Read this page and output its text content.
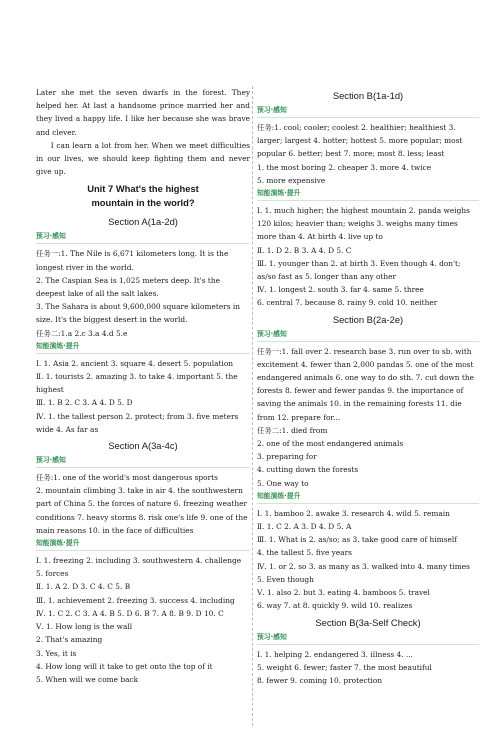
Later she met the seven dwarfs in the forest. They helped her. At last a handsome prince married her and they lived a happy life. I like her because she was brave and clever.

I can learn a lot from her. When we meet difficulties in our lives, we should keep fighting them and never give up.

Unit 7 What's the highest
mountain in the world?
Section A(1a-2d)
预习·感知
任务一:1. The Nile is 6,671 kilometers long. It is the longest river in the world.
2. The Caspian Sea is 1,025 meters deep. It's the deepest lake of all the salt lakes.
3. The Sahara is about 9,600,000 square kilometers in size. It's the biggest desert in the world.
任务二:1.a 2.c 3.a 4.d 5.e
知能演练·提升
Ⅰ. 1. Asia 2. ancient 3. square 4. desert 5. population
Ⅱ. 1. tourists 2. amazing 3. to take 4. important 5. the highest
Ⅲ. 1. B 2. C 3. A 4. D 5. D
Ⅳ. 1. the tallest person 2. protect; from 3. five meters wide 4. As far as
Section A(3a-4c)
预习·感知
任务:1. one of the world's most dangerous sports
2. mountain climbing 3. take in air 4. the southwestern part of China 5. the forces of nature 6. freezing weather conditions 7. heavy storms 8. risk one's life 9. one of the main reasons 10. in the face of difficulties
知能演练·提升
Ⅰ. 1. freezing 2. including 3. southwestern 4. challenge 5. forces
Ⅱ. 1. A 2. D 3. C 4. C 5. B
Ⅲ. 1. achievement 2. freezing 3. success 4. including
Ⅳ. 1. C 2. C 3. A 4. B 5. D 6. B 7. A 8. B 9. D 10. C
Ⅴ. 1. How long is the wall
2. That's amazing
3. Yes, it is
4. How long will it take to get onto the top of it
5. When will we come back
Section B(1a-1d)
预习·感知
任务:1. cool; cooler; coolest 2. healthier; healthiest 3. larger; largest 4. hotter; hottest 5. more popular; most popular 6. better; best 7. more; most 8. less; least
1. the most boring 2. cheaper 3. more 4. twice
5. more expensive
知能演练·提升
Ⅰ. 1. much higher; the highest mountain 2. panda weighs 120 kilos; heavier than; weighs 3. weighs many times more than 4. At birth 4. live up to
Ⅱ. 1. D 2. B 3. A 4. D 5. C
Ⅲ. 1. younger than 2. at birth 3. Even though 4. don't; as/so fast as 5. longer than any other
Ⅳ. 1. longest 2. south 3. far 4. same 5. three
6. central 7. because 8. rainy 9. cold 10. neither
Section B(2a-2e)
预习·感知
任务一:1. fall over 2. research base 3. run over to sb. with excitement 4. fewer than 2,000 pandas 5. one of the most endangered animals 6. one way to do sth. 7. cut down the forests 8. fewer and fewer pandas 9. the importance of saving the animals 10. in the remaining forests 11. die from 12. prepare for...
任务二:1. died from
2. one of the most endangered animals
3. preparing for
4. cutting down the forests
5. One way to
知能演练·提升
Ⅰ. 1. bamboo 2. awake 3. research 4. wild 5. remain
Ⅱ. 1. C 2. A 3. D 4. D 5. A
Ⅲ. 1. What is 2. as/so; as 3. take good care of himself
4. the tallest 5. five years
Ⅳ. 1. or 2. so 3. as many as 3. walked into 4. many times
5. Even though
Ⅴ. 1. also 2. but 3. eating 4. bamboos 5. travel
6. way 7. at 8. quickly 9. wild 10. realizes
Section B(3a-Self Check)
预习·感知
Ⅰ. 1. helping 2. endangered 3. illness 4. ...
5. weight 6. fewer; faster 7. the most beautiful
8. fewer 9. coming 10. protection
